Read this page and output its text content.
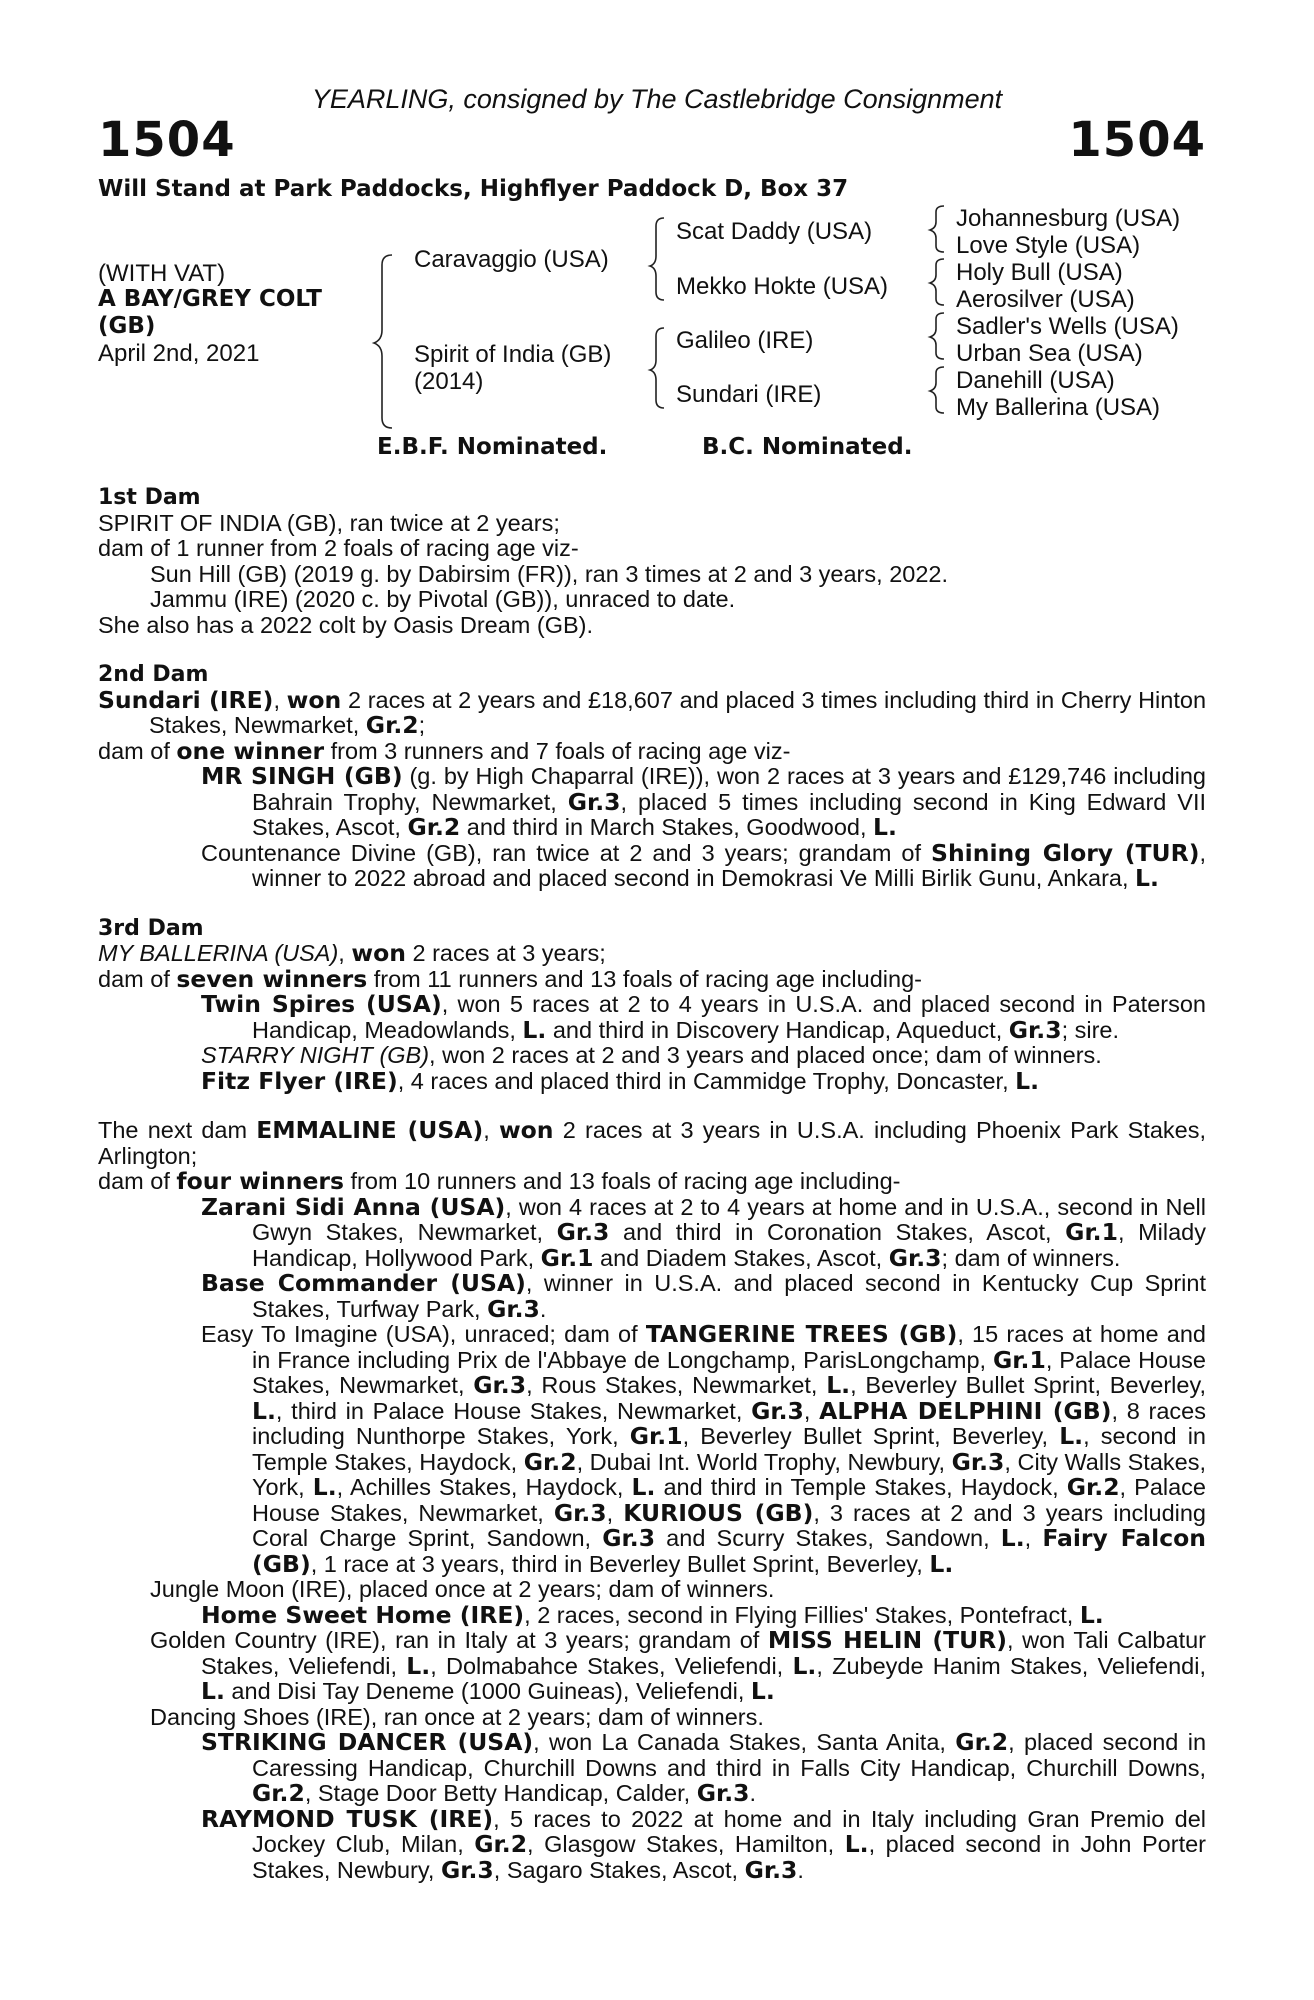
YEARLING, consigned by The Castlebridge Consignment
1504	1504
Will Stand at Park Paddocks, Highflyer Paddock D, Box 37
(WITH VAT)
A BAY/GREY COLT
(GB)
April 2nd, 2021
Caravaggio (USA)
Spirit of India (GB)
(2014)
Scat Daddy (USA)
Mekko Hokte (USA)
Galileo (IRE)
Sundari (IRE)
Johannesburg (USA)
Love Style (USA)
Holy Bull (USA)
Aerosilver (USA)
Sadler's Wells (USA)
Urban Sea (USA)
Danehill (USA)
My Ballerina (USA)
E.B.F. Nominated.	B.C. Nominated.
1st Dam
SPIRIT OF INDIA (GB), ran twice at 2 years;
dam of 1 runner from 2 foals of racing age viz-
Sun Hill (GB) (2019 g. by Dabirsim (FR)), ran 3 times at 2 and 3 years, 2022.
Jammu (IRE) (2020 c. by Pivotal (GB)), unraced to date.
She also has a 2022 colt by Oasis Dream (GB).
2nd Dam
Sundari (IRE), won 2 races at 2 years and £18,607 and placed 3 times including third in Cherry Hinton Stakes, Newmarket, Gr.2;
dam of one winner from 3 runners and 7 foals of racing age viz-
MR SINGH (GB) (g. by High Chaparral (IRE)), won 2 races at 3 years and £129,746 including Bahrain Trophy, Newmarket, Gr.3, placed 5 times including second in King Edward VII Stakes, Ascot, Gr.2 and third in March Stakes, Goodwood, L.
Countenance Divine (GB), ran twice at 2 and 3 years; grandam of Shining Glory (TUR), winner to 2022 abroad and placed second in Demokrasi Ve Milli Birlik Gunu, Ankara, L.
3rd Dam
MY BALLERINA (USA), won 2 races at 3 years;
dam of seven winners from 11 runners and 13 foals of racing age including-
Twin Spires (USA), won 5 races at 2 to 4 years in U.S.A. and placed second in Paterson Handicap, Meadowlands, L. and third in Discovery Handicap, Aqueduct, Gr.3; sire.
STARRY NIGHT (GB), won 2 races at 2 and 3 years and placed once; dam of winners.
Fitz Flyer (IRE), 4 races and placed third in Cammidge Trophy, Doncaster, L.
The next dam EMMALINE (USA), won 2 races at 3 years in U.S.A. including Phoenix Park Stakes, Arlington;
dam of four winners from 10 runners and 13 foals of racing age including-
Zarani Sidi Anna (USA), won 4 races at 2 to 4 years at home and in U.S.A., second in Nell Gwyn Stakes, Newmarket, Gr.3 and third in Coronation Stakes, Ascot, Gr.1, Milady Handicap, Hollywood Park, Gr.1 and Diadem Stakes, Ascot, Gr.3; dam of winners.
Base Commander (USA), winner in U.S.A. and placed second in Kentucky Cup Sprint Stakes, Turfway Park, Gr.3.
Easy To Imagine (USA), unraced; dam of TANGERINE TREES (GB), 15 races at home and in France including Prix de l'Abbaye de Longchamp, ParisLongchamp, Gr.1, Palace House Stakes, Newmarket, Gr.3, Rous Stakes, Newmarket, L., Beverley Bullet Sprint, Beverley, L., third in Palace House Stakes, Newmarket, Gr.3, ALPHA DELPHINI (GB), 8 races including Nunthorpe Stakes, York, Gr.1, Beverley Bullet Sprint, Beverley, L., second in Temple Stakes, Haydock, Gr.2, Dubai Int. World Trophy, Newbury, Gr.3, City Walls Stakes, York, L., Achilles Stakes, Haydock, L. and third in Temple Stakes, Haydock, Gr.2, Palace House Stakes, Newmarket, Gr.3, KURIOUS (GB), 3 races at 2 and 3 years including Coral Charge Sprint, Sandown, Gr.3 and Scurry Stakes, Sandown, L., Fairy Falcon (GB), 1 race at 3 years, third in Beverley Bullet Sprint, Beverley, L.
Jungle Moon (IRE), placed once at 2 years; dam of winners.
Home Sweet Home (IRE), 2 races, second in Flying Fillies' Stakes, Pontefract, L.
Golden Country (IRE), ran in Italy at 3 years; grandam of MISS HELIN (TUR), won Tali Calbatur Stakes, Veliefendi, L., Dolmabahce Stakes, Veliefendi, L., Zubeyde Hanim Stakes, Veliefendi, L. and Disi Tay Deneme (1000 Guineas), Veliefendi, L.
Dancing Shoes (IRE), ran once at 2 years; dam of winners.
STRIKING DANCER (USA), won La Canada Stakes, Santa Anita, Gr.2, placed second in Caressing Handicap, Churchill Downs and third in Falls City Handicap, Churchill Downs, Gr.2, Stage Door Betty Handicap, Calder, Gr.3.
RAYMOND TUSK (IRE), 5 races to 2022 at home and in Italy including Gran Premio del Jockey Club, Milan, Gr.2, Glasgow Stakes, Hamilton, L., placed second in John Porter Stakes, Newbury, Gr.3, Sagaro Stakes, Ascot, Gr.3.
